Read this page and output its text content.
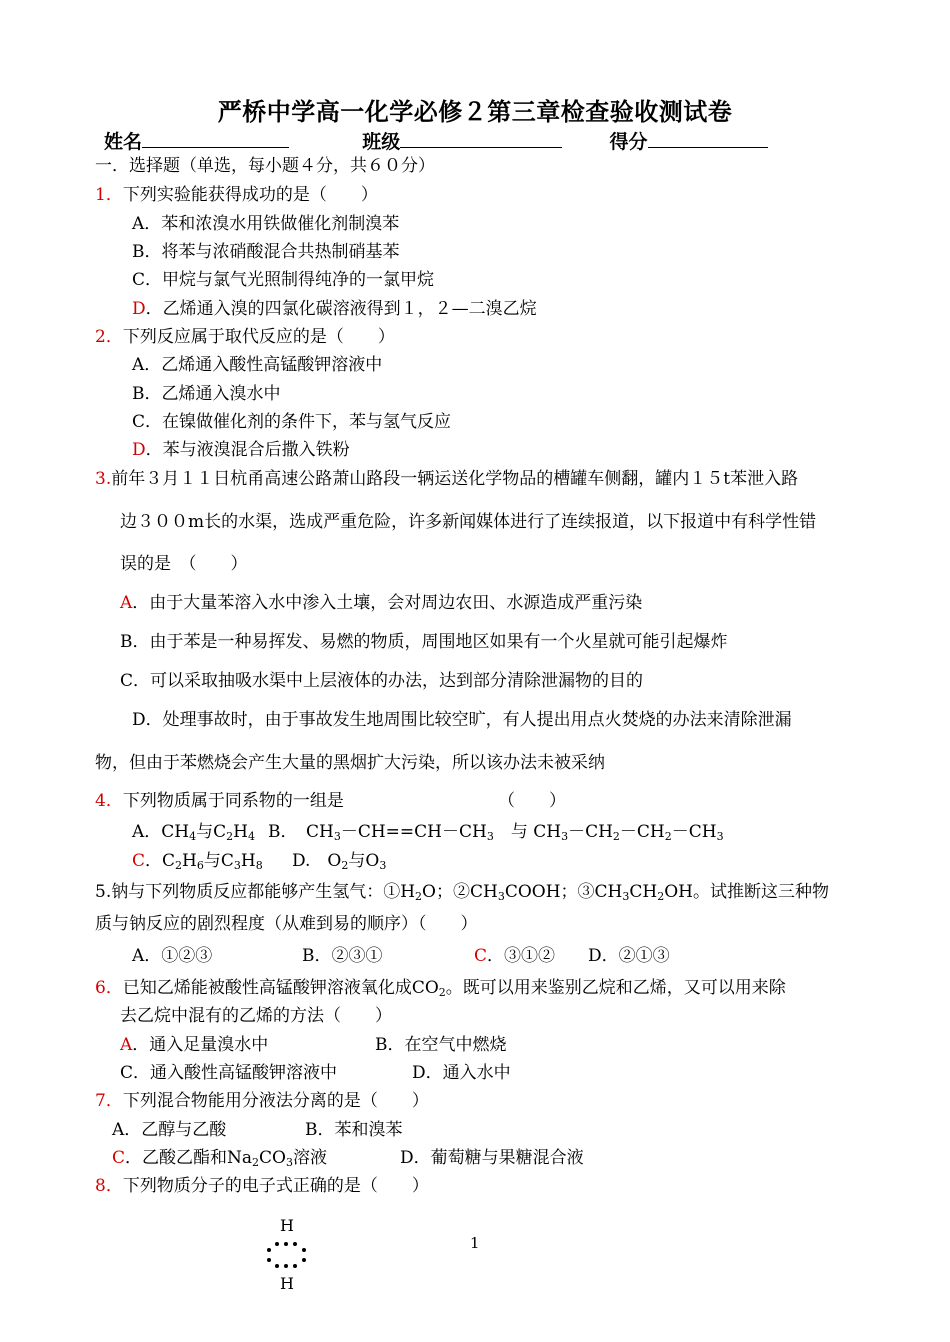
严桥中学高一化学必修２第三章检查验收测试卷
姓名	班级	得分
一．选择题（单选，每小题４分，共６０分）
1．下列实验能获得成功的是（　　）
A．苯和浓溴水用铁做催化剂制溴苯
B．将苯与浓硝酸混合共热制硝基苯
C．甲烷与氯气光照制得纯净的一氯甲烷
D．乙烯通入溴的四氯化碳溶液得到１，２—二溴乙烷
2．下列反应属于取代反应的是（　　）
A．乙烯通入酸性高锰酸钾溶液中
B．乙烯通入溴水中
C．在镍做催化剂的条件下，苯与氢气反应
D．苯与液溴混合后撒入铁粉
3.前年３月１１日杭甬高速公路萧山路段一辆运送化学物品的槽罐车侧翻，罐内１５t苯泄入路
边３００m长的水渠，选成严重危险，许多新闻媒体进行了连续报道，以下报道中有科学性错
误的是　（　　）
A．由于大量苯溶入水中渗入土壤，会对周边农田、水源造成严重污染
B．由于苯是一种易挥发、易燃的物质，周围地区如果有一个火星就可能引起爆炸
C．可以采取抽吸水渠中上层液体的办法，达到部分清除泄漏物的目的
D．处理事故时，由于事故发生地周围比较空旷，有人提出用点火焚烧的办法来清除泄漏
物，但由于苯燃烧会产生大量的黑烟扩大污染，所以该办法未被采纳
4．下列物质属于同系物的一组是	（　　）
A．$CH_4$与$C_2H_4$ B．　$CH_3-CH==CH-CH_3$　与 $CH_3-CH_2-CH_2-CH_3$
C．$C_2H_6$与$C_3H_8$ D.　$O_2$与$O_3$
5.钠与下列物质反应都能够产生氢气：$①H_2O$；$②CH_3COOH$；$③CH_3CH_2OH$。试推断这三种物
质与钠反应的剧烈程度（从难到易的顺序）（　　）
A．①②③	B．②③①	C．③①② D．②①③
6．已知乙烯能被酸性高锰酸钾溶液氧化成$CO_2$。既可以用来鉴别乙烷和乙烯，又可以用来除
去乙烷中混有的乙烯的方法（　　）
A．通入足量溴水中	B．在空气中燃烧
C．通入酸性高锰酸钾溶液中	D．通入水中
7．下列混合物能用分液法分离的是（　　）
A．乙醇与乙酸	B．苯和溴苯
C．乙酸乙酯和$Na_2CO_3$溶液	D．葡萄糖与果糖混合液
8．下列物质分子的电子式正确的是（　　）
H
H
1
